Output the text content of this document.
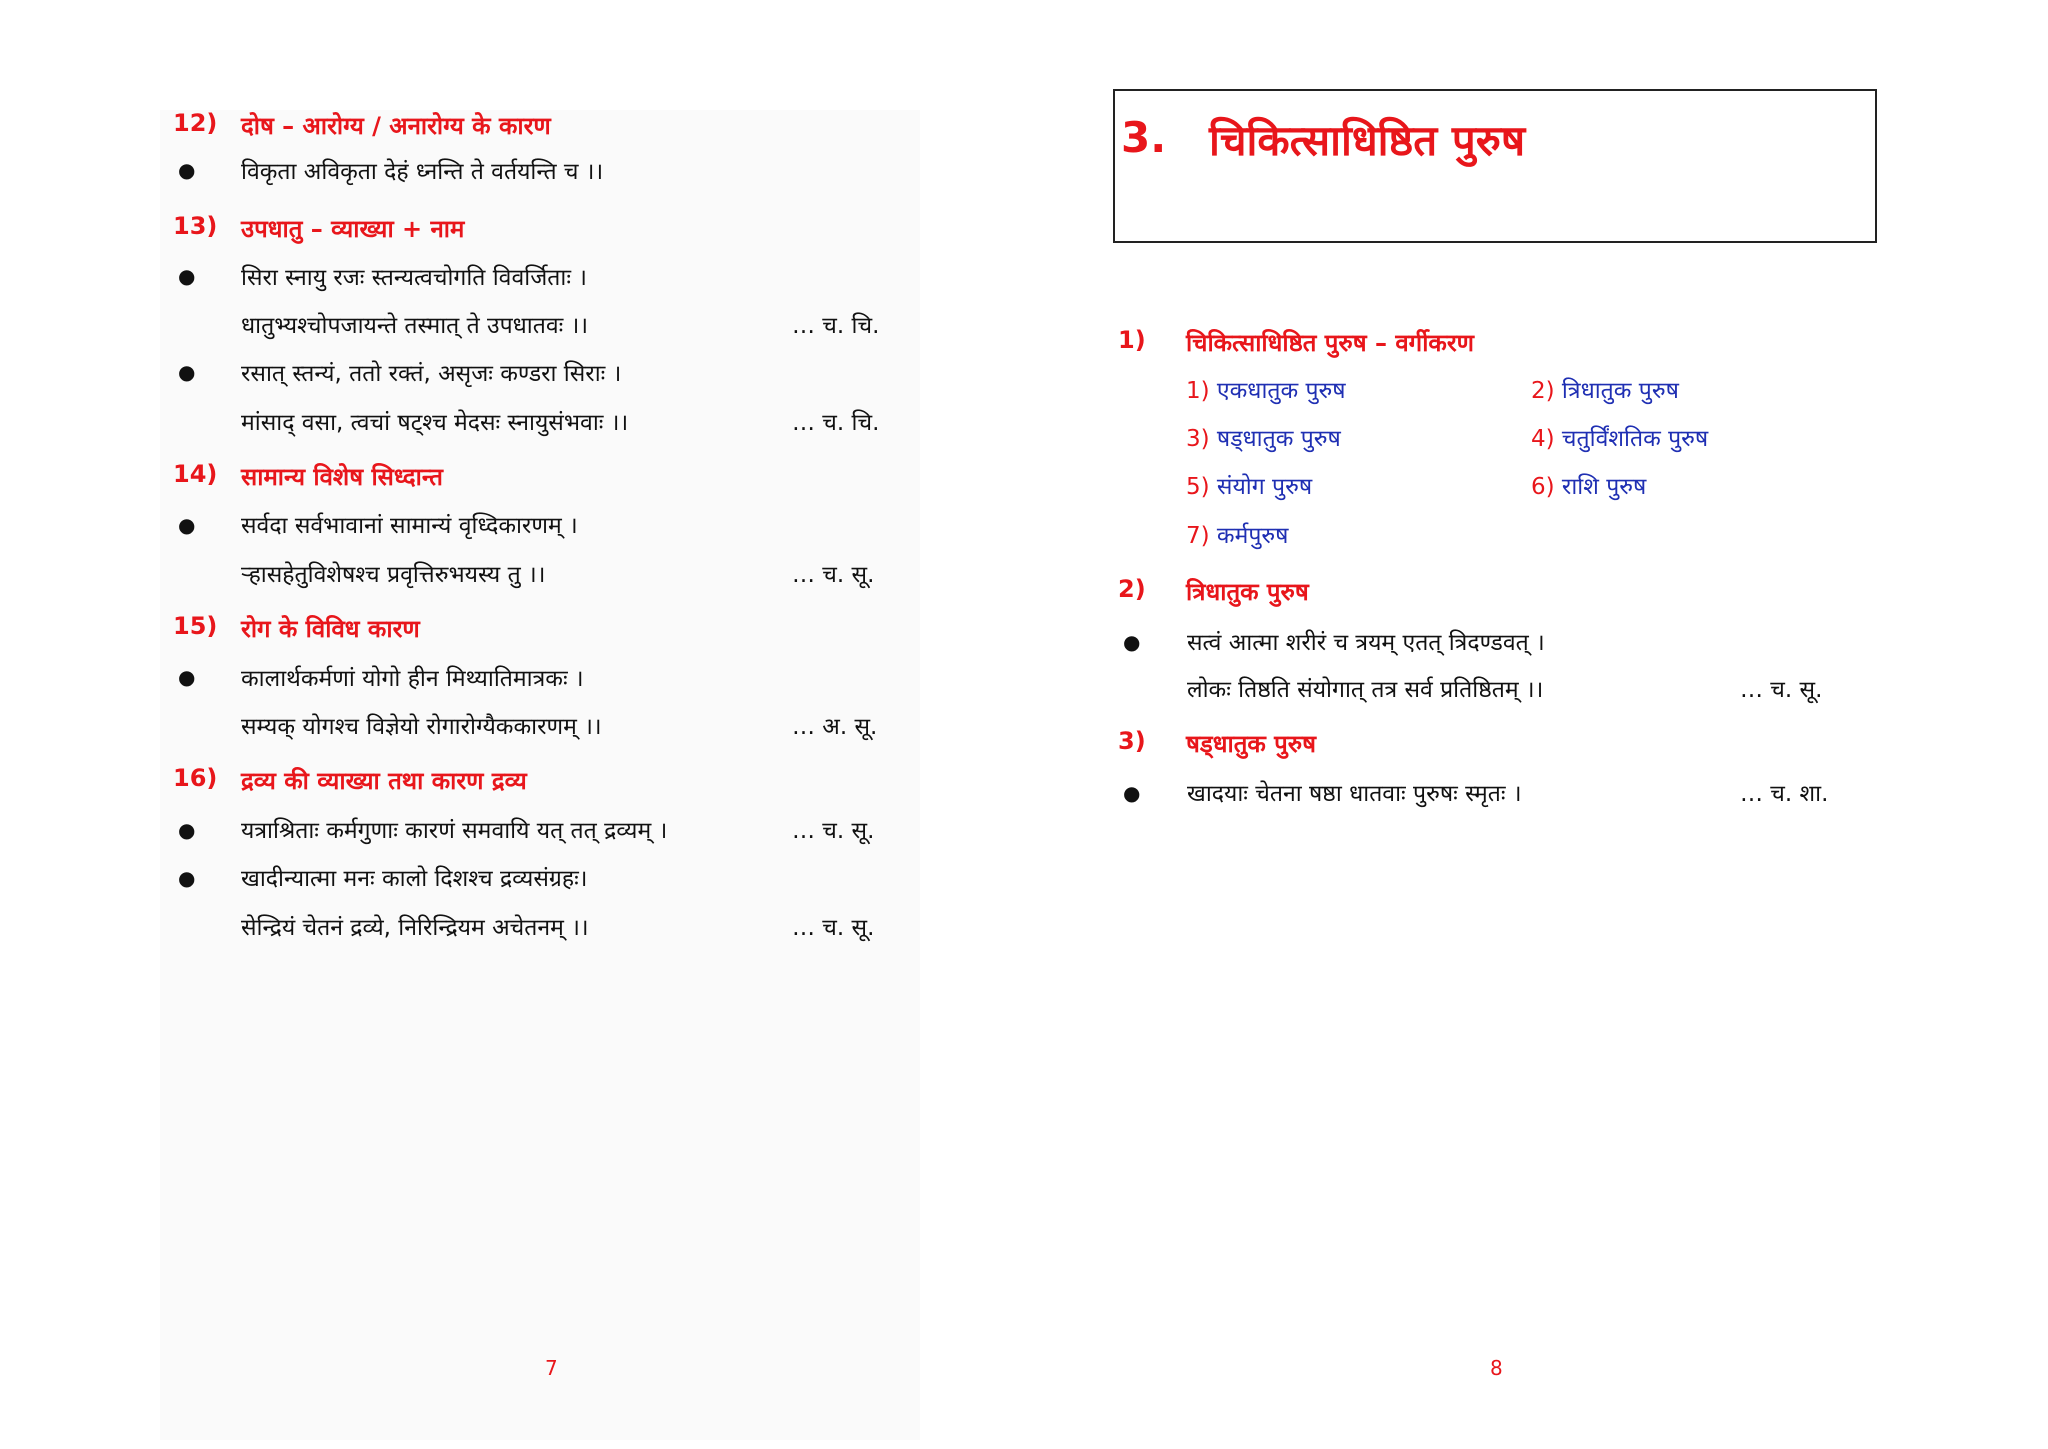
12) दोष – आरोग्य / अनारोग्य के कारण
● विकृता अविकृता देहं ध्नन्ति ते वर्तयन्ति च ।।
13) उपधातु – व्याख्या + नाम
● सिरा स्नायु रजः स्तन्यत्वचोगति विवर्जिताः ।
धातुभ्यश्चोपजायन्ते तस्मात् ते उपधातवः ।।	… च. चि.
● रसात् स्तन्यं, ततो रक्तं, असृजः कण्डरा सिराः ।
मांसाद् वसा, त्वचां षट्श्च मेदसः स्नायुसंभवाः ।।	… च. चि.
14) सामान्य विशेष सिध्दान्त
● सर्वदा सर्वभावानां सामान्यं वृध्दिकारणम् ।
ऱ्हासहेतुविशेषश्च प्रवृत्तिरुभयस्य तु ।।	… च. सू.
15) रोग के विविध कारण
● कालार्थकर्मणां योगो हीन मिथ्यातिमात्रकः ।
सम्यक् योगश्च विज्ञेयो रोगारोग्यैककारणम् ।।	… अ. सू.
16) द्रव्य की व्याख्या तथा कारण द्रव्य
● यत्राश्रिताः कर्मगुणाः कारणं समवायि यत् तत् द्रव्यम् ।	… च. सू.
● खादीन्यात्मा मनः कालो दिशश्च द्रव्यसंग्रहः।
सेन्द्रियं चेतनं द्रव्ये, निरिन्द्रियम अचेतनम् ।।	… च. सू.
7
3. चिकित्साधिष्ठित पुरुष
1) चिकित्साधिष्ठित पुरुष – वर्गीकरण
1) एकधातुक पुरुष	2) त्रिधातुक पुरुष
3) षड्धातुक पुरुष	4) चतुर्विंशतिक पुरुष
5) संयोग पुरुष	6) राशि पुरुष
7) कर्मपुरुष
2) त्रिधातुक पुरुष
● सत्वं आत्मा शरीरं च त्रयम् एतत् त्रिदण्डवत् ।
लोकः तिष्ठति संयोगात् तत्र सर्व प्रतिष्ठितम् ।।	… च. सू.
3) षड्धातुक पुरुष
● खादयाः चेतना षष्ठा धातवाः पुरुषः स्मृतः ।	… च. शा.
8
